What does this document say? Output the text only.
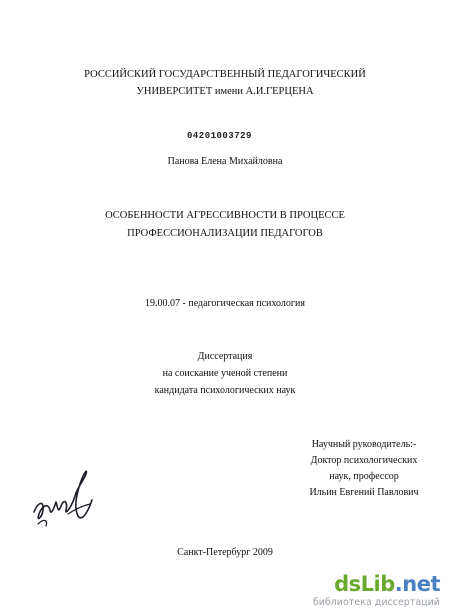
РОССИЙСКИЙ ГОСУДАРСТВЕННЫЙ ПЕДАГОГИЧЕСКИЙ
УНИВЕРСИТЕТ имени А.И.ГЕРЦЕНА
04201003729
Панова Елена Михайловна
ОСОБЕННОСТИ АГРЕССИВНОСТИ В ПРОЦЕССЕ
ПРОФЕССИОНАЛИЗАЦИИ ПЕДАГОГОВ
19.00.07 - педагогическая психология
Диссертация
на соискание ученой степени
кандидата психологических наук
Научный руководитель:-
Доктор психологических
наук, профессор
Ильин Евгений Павлович
Санкт-Петербург 2009
dsLib.net
библиотека диссертаций
